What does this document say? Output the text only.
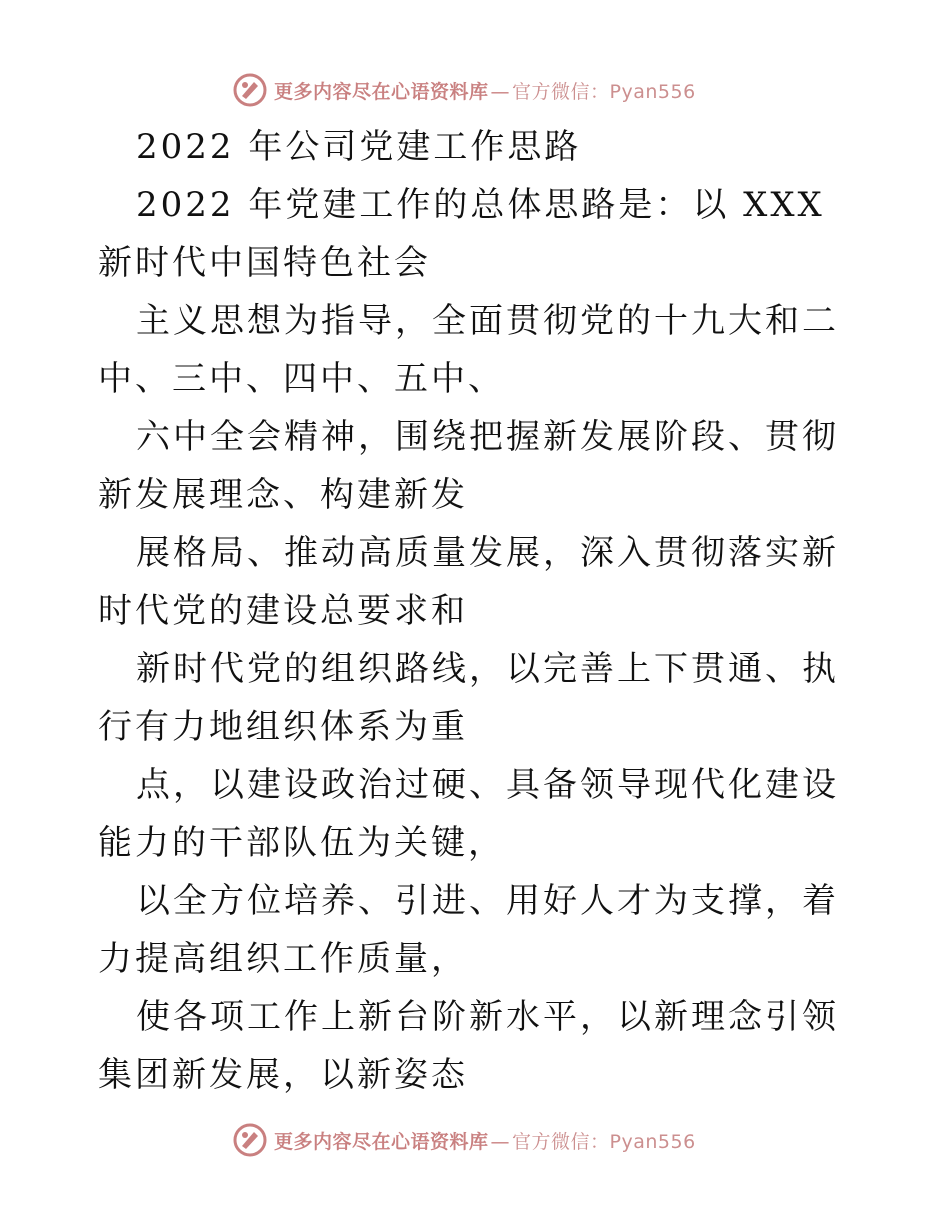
更多内容尽在心语资料库 — 官方微信：Pyan556

2022 年公司党建工作思路

2022 年党建工作的总体思路是：以 XXX 新时代中国特色社会

主义思想为指导，全面贯彻党的十九大和二中、三中、四中、五中、

六中全会精神，围绕把握新发展阶段、贯彻新发展理念、构建新发

展格局、推动高质量发展，深入贯彻落实新时代党的建设总要求和

新时代党的组织路线，以完善上下贯通、执行有力地组织体系为重

点，以建设政治过硬、具备领导现代化建设能力的干部队伍为关键，

以全方位培养、引进、用好人才为支撑，着力提高组织工作质量，

使各项工作上新台阶新水平，以新理念引领集团新发展，以新姿态

更多内容尽在心语资料库 — 官方微信：Pyan556
